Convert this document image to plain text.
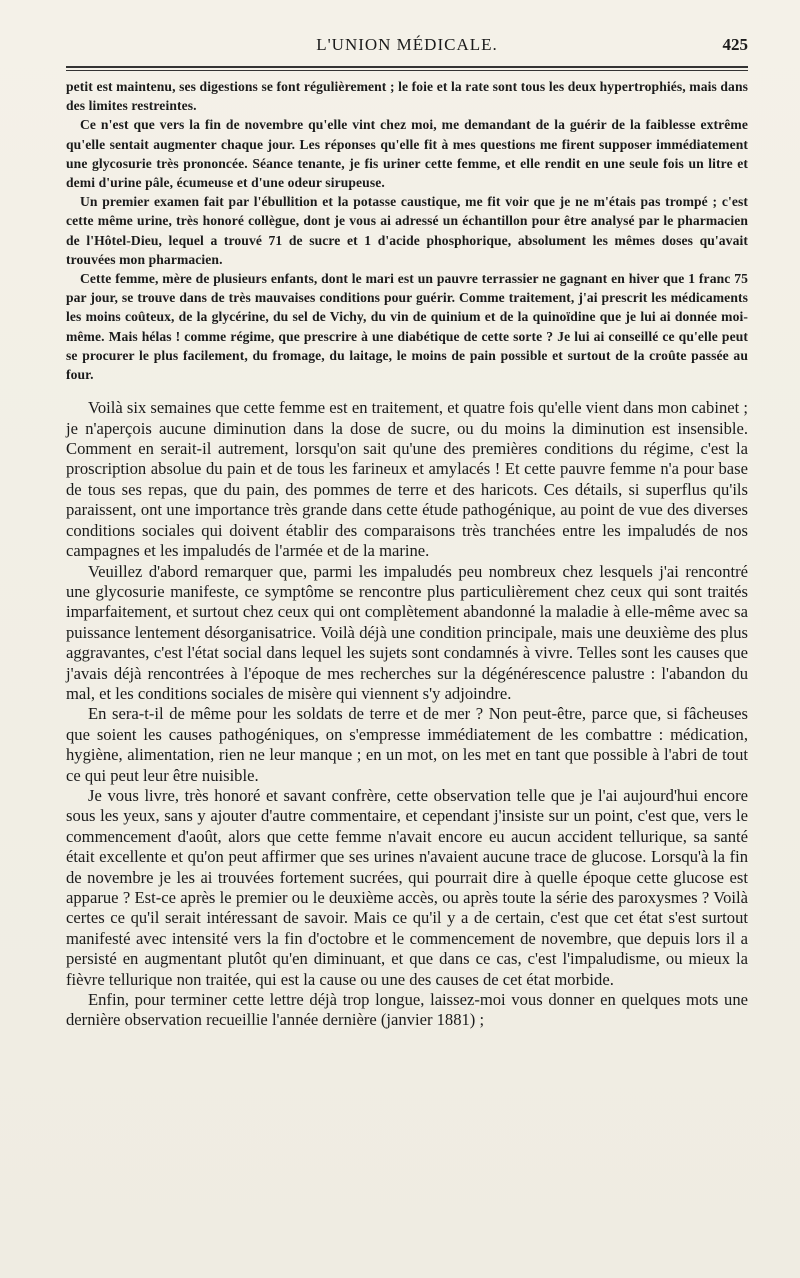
L'UNION MÉDICALE.	425

petit est maintenu, ses digestions se font régulièrement ; le foie et la rate sont tous les deux hypertrophiés, mais dans des limites restreintes.

Ce n'est que vers la fin de novembre qu'elle vint chez moi, me demandant de la guérir de la faiblesse extrême qu'elle sentait augmenter chaque jour. Les réponses qu'elle fit à mes questions me firent supposer immédiatement une glycosurie très prononcée. Séance tenante, je fis uriner cette femme, et elle rendit en une seule fois un litre et demi d'urine pâle, écumeuse et d'une odeur sirupeuse.

Un premier examen fait par l'ébullition et la potasse caustique, me fit voir que je ne m'étais pas trompé ; c'est cette même urine, très honoré collègue, dont je vous ai adressé un échantillon pour être analysé par le pharmacien de l'Hôtel-Dieu, lequel a trouvé 71 de sucre et 1 d'acide phosphorique, absolument les mêmes doses qu'avait trouvées mon pharmacien.

Cette femme, mère de plusieurs enfants, dont le mari est un pauvre terrassier ne gagnant en hiver que 1 franc 75 par jour, se trouve dans de très mauvaises conditions pour guérir. Comme traitement, j'ai prescrit les médicaments les moins coûteux, de la glycérine, du sel de Vichy, du vin de quinium et de la quinoïdine que je lui ai donnée moi-même. Mais hélas ! comme régime, que prescrire à une diabétique de cette sorte ? Je lui ai conseillé ce qu'elle peut se procurer le plus facilement, du fromage, du laitage, le moins de pain possible et surtout de la croûte passée au four.

Voilà six semaines que cette femme est en traitement, et quatre fois qu'elle vient dans mon cabinet ; je n'aperçois aucune diminution dans la dose de sucre, ou du moins la diminution est insensible. Comment en serait-il autrement, lorsqu'on sait qu'une des premières conditions du régime, c'est la proscription absolue du pain et de tous les farineux et amylacés ! Et cette pauvre femme n'a pour base de tous ses repas, que du pain, des pommes de terre et des haricots. Ces détails, si superflus qu'ils paraissent, ont une importance très grande dans cette étude pathogénique, au point de vue des diverses conditions sociales qui doivent établir des comparaisons très tranchées entre les impaludés de nos campagnes et les impaludés de l'armée et de la marine.

Veuillez d'abord remarquer que, parmi les impaludés peu nombreux chez lesquels j'ai rencontré une glycosurie manifeste, ce symptôme se rencontre plus particulièrement chez ceux qui sont traités imparfaitement, et surtout chez ceux qui ont complètement abandonné la maladie à elle-même avec sa puissance lentement désorganisatrice. Voilà déjà une condition principale, mais une deuxième des plus aggravantes, c'est l'état social dans lequel les sujets sont condamnés à vivre. Telles sont les causes que j'avais déjà rencontrées à l'époque de mes recherches sur la dégénérescence palustre : l'abandon du mal, et les conditions sociales de misère qui viennent s'y adjoindre.

En sera-t-il de même pour les soldats de terre et de mer ? Non peut-être, parce que, si fâcheuses que soient les causes pathogéniques, on s'empresse immédiatement de les combattre : médication, hygiène, alimentation, rien ne leur manque ; en un mot, on les met en tant que possible à l'abri de tout ce qui peut leur être nuisible.

Je vous livre, très honoré et savant confrère, cette observation telle que je l'ai aujourd'hui encore sous les yeux, sans y ajouter d'autre commentaire, et cependant j'insiste sur un point, c'est que, vers le commencement d'août, alors que cette femme n'avait encore eu aucun accident tellurique, sa santé était excellente et qu'on peut affirmer que ses urines n'avaient aucune trace de glucose. Lorsqu'à la fin de novembre je les ai trouvées fortement sucrées, qui pourrait dire à quelle époque cette glucose est apparue ? Est-ce après le premier ou le deuxième accès, ou après toute la série des paroxysmes ? Voilà certes ce qu'il serait intéressant de savoir. Mais ce qu'il y a de certain, c'est que cet état s'est surtout manifesté avec intensité vers la fin d'octobre et le commencement de novembre, que depuis lors il a persisté en augmentant plutôt qu'en diminuant, et que dans ce cas, c'est l'impaludisme, ou mieux la fièvre tellurique non traitée, qui est la cause ou une des causes de cet état morbide.

Enfin, pour terminer cette lettre déjà trop longue, laissez-moi vous donner en quelques mots une dernière observation recueillie l'année dernière (janvier 1881) ;
